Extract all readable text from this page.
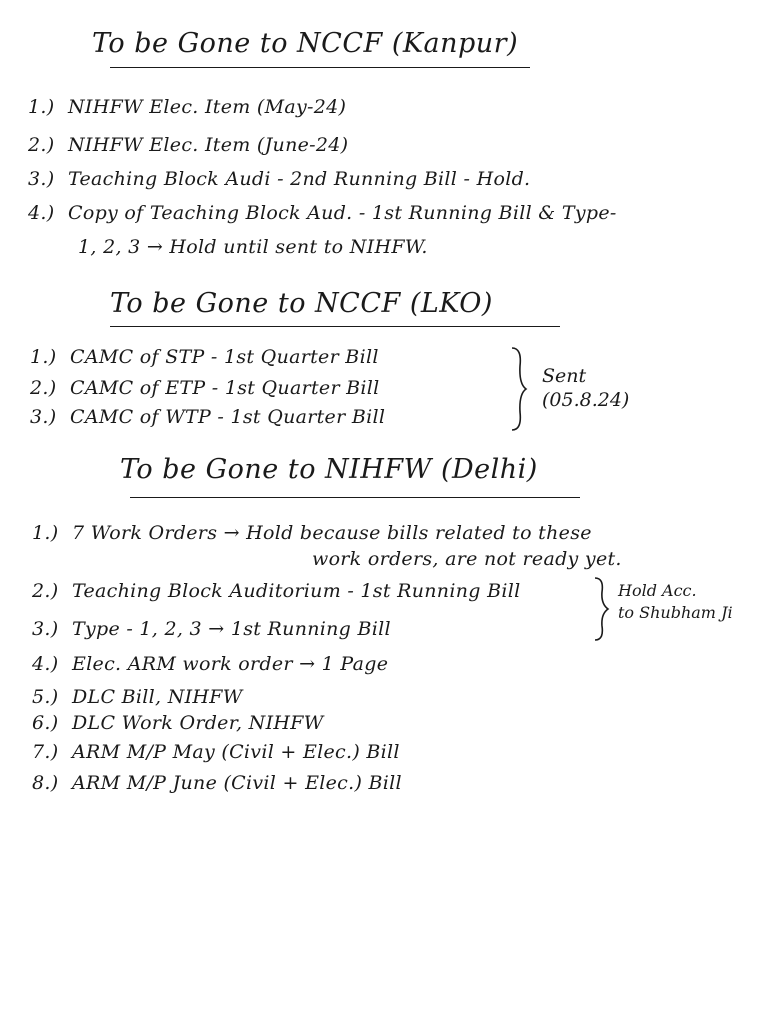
To be Gone to NCCF (Kanpur)
1.) NIHFW Elec. Item (May-24)
2.) NIHFW Elec. Item (June-24)
3.) Teaching Block Audi - 2nd Running Bill - Hold.
4.) Copy of Teaching Block Aud. - 1st Running Bill & Type-
1, 2, 3 → Hold until sent to NIHFW.
To be Gone to NCCF (LKO)
1.) CAMC of STP - 1st Quarter Bill
2.) CAMC of ETP - 1st Quarter Bill
3.) CAMC of WTP - 1st Quarter Bill
Sent
(05.8.24)
To be Gone to NIHFW (Delhi)
1.) 7 Work Orders → Hold because bills related to these
work orders, are not ready yet.
2.) Teaching Block Auditorium - 1st Running Bill
3.) Type - 1, 2, 3 → 1st Running Bill
Hold Acc.
to Shubham Ji
4.) Elec. ARM work order → 1 Page
5.) DLC Bill, NIHFW
6.) DLC Work Order, NIHFW
7.) ARM M/P May (Civil + Elec.) Bill
8.) ARM M/P June (Civil + Elec.) Bill
